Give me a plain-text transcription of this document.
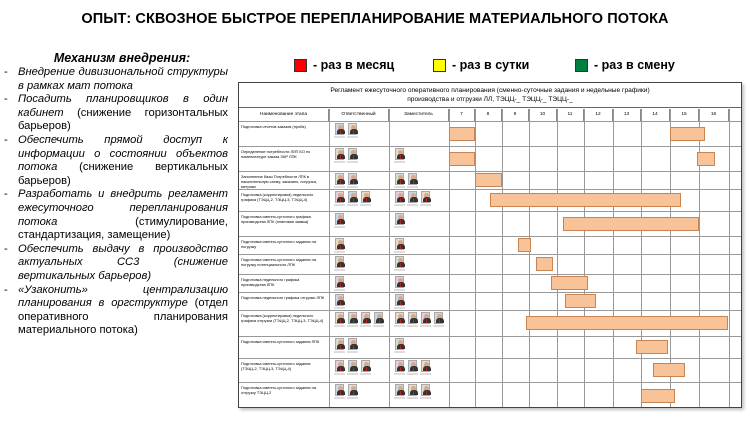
ОПЫТ: СКВОЗНОЕ БЫСТРОЕ ПЕРЕПЛАНИРОВАНИЕ МАТЕРИАЛЬНОГО ПОТОКА
Механизм внедрения:
- Внедрение дивизиональной структуры в рамках мат потока
- Посадить планировщиков в один кабинет (снижение горизонтальных барьеров)
- Обеспечить прямой доступ к информации о состоянии объектов потока (снижение вертикальных барьеров)
- Разработать и внедрить регламент ежесуточного перепланирования потока (стимулирование, стандартизация, замещение)
- Обеспечить выдачу в производство актуальных СС3 (снижение вертикальных барьеров)
- «Узаконить» централизацию планирования в оргструктуре (отдел оперативного планирования материального потока)
- раз в месяц	- раз в сутки	- раз в смену
Регламент ежесуточного оперативного планирования (сменно-суточные задания и недельные графики)
производства и отгрузки ЛЛ, ТЭЦЦ-_ ТЭЦЦ-_ ТЭЦЦ-_
Наименование этапа	Ответственный	Заместитель	7	8	9	10	11	12	13	14	15	16
Подготовка отчетов заказов (проба)
Определение потребности ЛЛП БО по номенклатуре заказа ЗАР ЛПК
Заполнение базы Потребности ЛПК в накопительную схему, заказано, погрузка, метрики
Подготовка (корректировка) недельного графика (ТЭЦЦ-2, ТЭЦЦ-3, ТЭЦЦ-4)
Подготовка сменно-суточного графика производства ЛПК (плановая заявка)
Подготовка сменно-суточного задания на погрузку
Подготовка сменно-суточного задания на погрузку потенциального ЛПК
Подготовка недельного графика производства ЛПК
Подготовка недельного графика отгрузки ЛПК
Подготовка (корректировка) недельного графика отгрузки (ТЭЦЦ-2, ТЭЦЦ-3, ТЭЦЦ-4)
Подготовка сменно-суточного задания ЛПК
Подготовка сменно-суточного задания (ТЭЦЦ-2, ТЭЦЦ-3, ТЭЦЦ-4)
Подготовка сменно-суточного задания на отгрузку ТЭЦЦ-2
